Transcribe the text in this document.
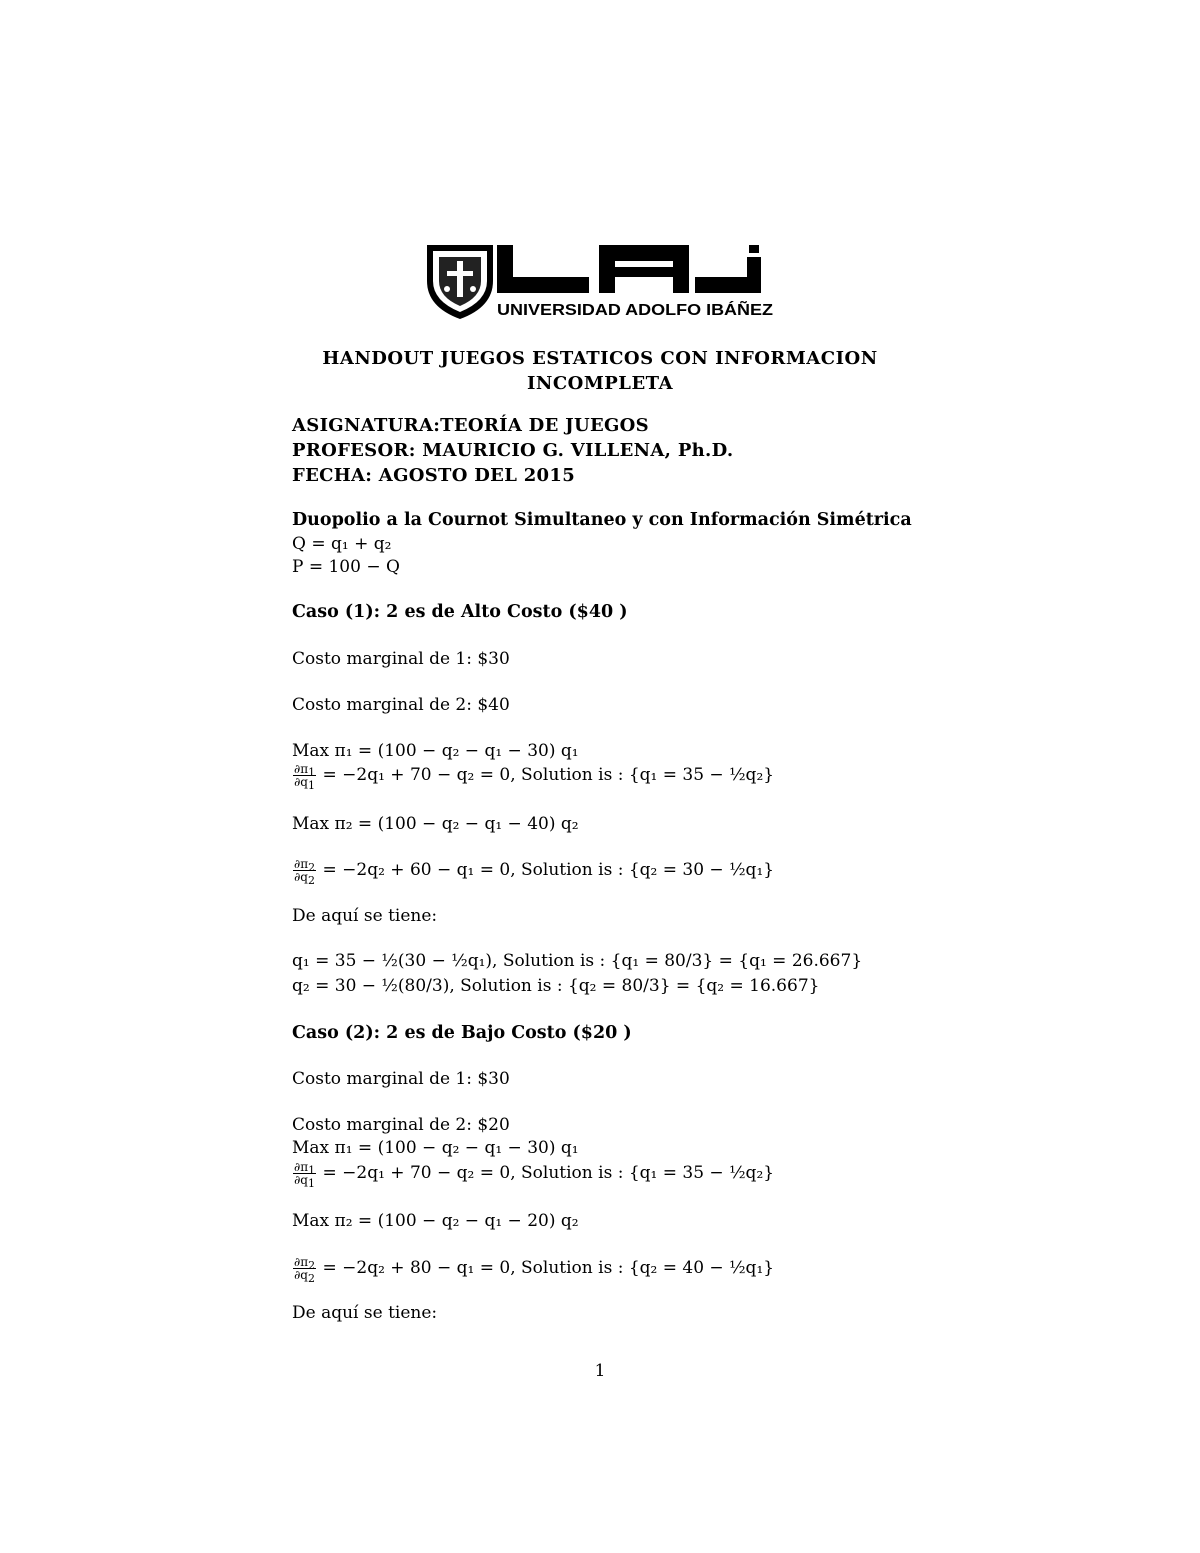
UNIVERSIDAD ADOLFO IBÁÑEZ
HANDOUT JUEGOS ESTATICOS CON INFORMACION
INCOMPLETA
ASIGNATURA:TEORÍA DE JUEGOS
PROFESOR: MAURICIO G. VILLENA, Ph.D.
FECHA: AGOSTO DEL 2015
Duopolio a la Cournot Simultaneo y con Información Simétrica
Q = q₁ + q₂
P = 100 − Q
Caso (1): 2 es de Alto Costo ($40 )
Costo marginal de 1: $30
Costo marginal de 2: $40
Max π₁ = (100 − q₂ − q₁ − 30) q₁
$\frac{\partial\pi_1}{\partial q_1} = -2q_1 + 70 - q_2 = 0$, Solution is : {q₁ = 35 − ½q₂}
Max π₂ = (100 − q₂ − q₁ − 40) q₂
$\frac{\partial\pi_2}{\partial q_2} = -2q_2 + 60 - q_1 = 0$, Solution is : {q₂ = 30 − ½q₁}
De aquí se tiene:
q₁ = 35 − ½(30 − ½q₁), Solution is : {q₁ = 80/3} = {q₁ = 26.667}
q₂ = 30 − ½(80/3), Solution is : {q₂ = 80/3} = {q₂ = 16.667}
Caso (2): 2 es de Bajo Costo ($20 )
Costo marginal de 1: $30
Costo marginal de 2: $20
Max π₁ = (100 − q₂ − q₁ − 30) q₁
$\frac{\partial\pi_1}{\partial q_1} = -2q_1 + 70 - q_2 = 0$, Solution is : {q₁ = 35 − ½q₂}
Max π₂ = (100 − q₂ − q₁ − 20) q₂
$\frac{\partial\pi_2}{\partial q_2} = -2q_2 + 80 - q_1 = 0$, Solution is : {q₂ = 40 − ½q₁}
De aquí se tiene:
1
